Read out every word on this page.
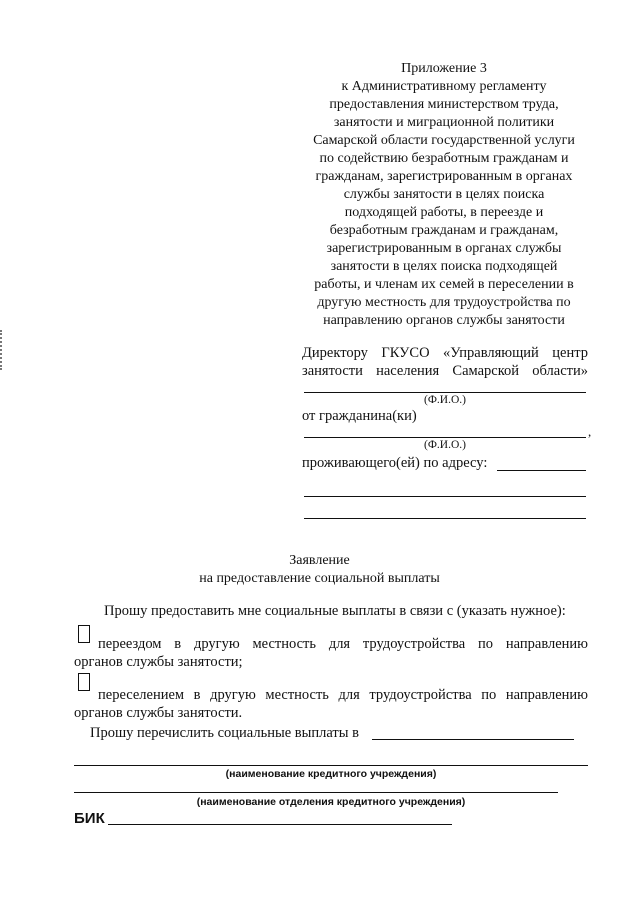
Приложение 3
к Административному регламенту
предоставления министерством труда,
занятости и миграционной политики
Самарской области государственной услуги
по содействию безработным гражданам и
гражданам, зарегистрированным в органах
службы занятости в целях поиска
подходящей работы, в переезде и
безработным гражданам и гражданам,
зарегистрированным в органах службы
занятости в целях поиска подходящей
работы, и членам их семей в переселении в
другую местность для трудоустройства по
направлению органов службы занятости
Директору ГКУСО «Управляющий центр
занятости населения Самарской области»
(Ф.И.О.)
от гражданина(ки)
,
(Ф.И.О.)
проживающего(ей) по адресу:
Заявление
на предоставление социальной выплаты
Прошу предоставить мне социальные выплаты в связи с (указать нужное):
переездом в другую местность для трудоустройства по направлению
органов службы занятости;
переселением в другую местность для трудоустройства по направлению
органов службы занятости.
Прошу перечислить социальные выплаты в
(наименование кредитного учреждения)
(наименование отделения кредитного учреждения)
БИК
